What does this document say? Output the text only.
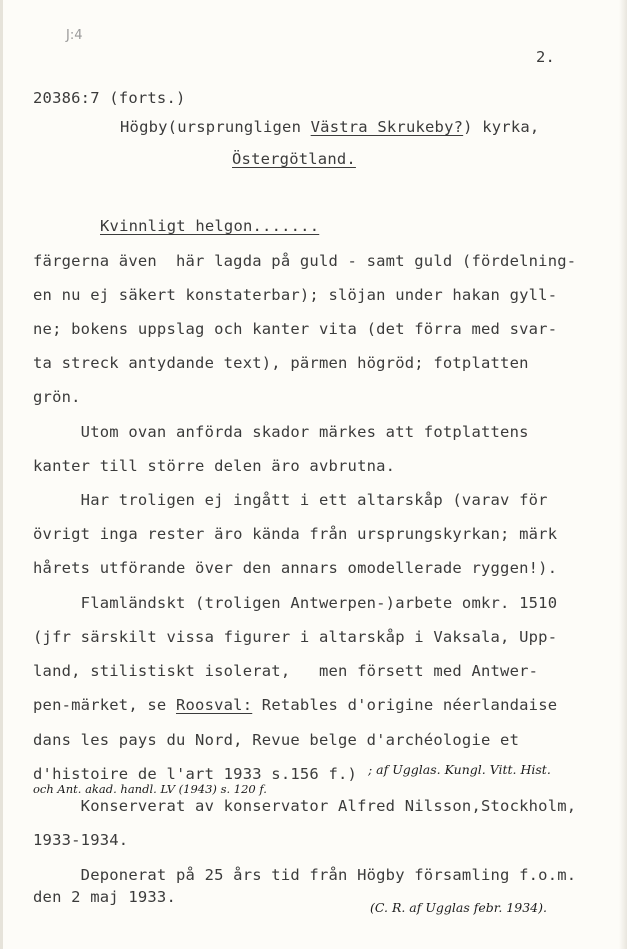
J:4
2.
20386:7 (forts.)
Högby(ursprungligen Västra Skrukeby?) kyrka,
Östergötland.
Kvinnligt helgon.......
färgerna även  här lagda på guld - samt guld (fördelning-
en nu ej säkert konstaterbar); slöjan under hakan gyll-
ne; bokens uppslag och kanter vita (det förra med svar-
ta streck antydande text), pärmen högröd; fotplatten
grön.
Utom ovan anförda skador märkes att fotplattens
kanter till större delen äro avbrutna.
Har troligen ej ingått i ett altarskåp (varav för
övrigt inga rester äro kända från ursprungskyrkan; märk
hårets utförande över den annars omodellerade ryggen!).
Flamländskt (troligen Antwerpen-)arbete omkr. 1510
(jfr särskilt vissa figurer i altarskåp i Vaksala, Upp-
land, stilistiskt isolerat,   men försett med Antwer-
pen-märket, se Roosval: Retables d'origine néerlandaise
dans les pays du Nord, Revue belge d'archéologie et
d'histoire de l'art 1933 s.156 f.) ; af Ugglas. Kungl. Vitt. Hist.
och Ant. akad. handl. LV (1943) s. 120 f.
Konserverat av konservator Alfred Nilsson,Stockholm,
1933-1934.
Deponerat på 25 års tid från Högby församling f.o.m.
den 2 maj 1933.
(C. R. af Ugglas febr. 1934).
